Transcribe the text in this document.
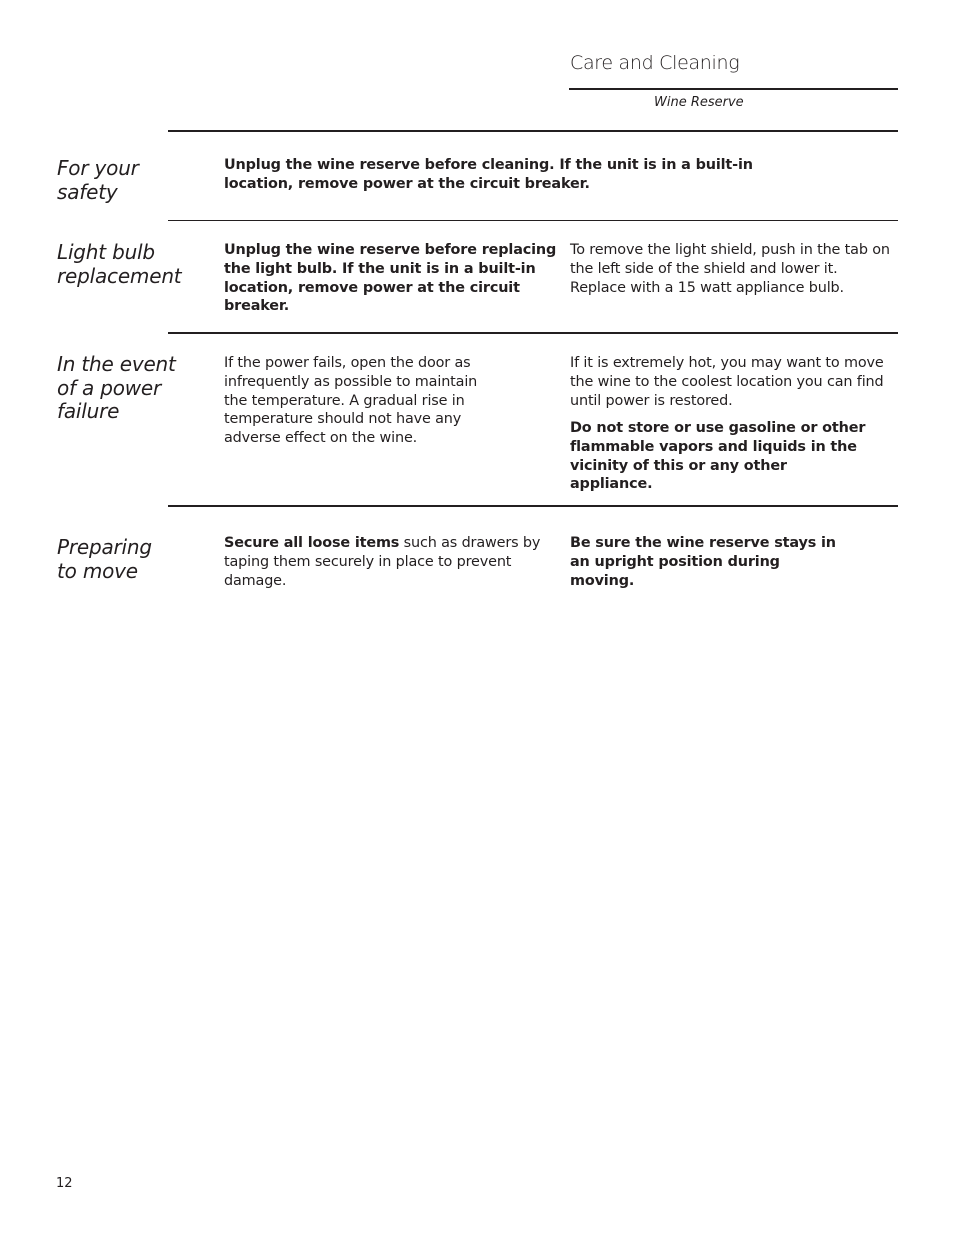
Care and Cleaning
Wine Reserve
For your safety
Unplug the wine reserve before cleaning. If the unit is in a built-in location, remove power at the circuit breaker.
Light bulb replacement
Unplug the wine reserve before replacing the light bulb. If the unit is in a built-in location, remove power at the circuit breaker.
To remove the light shield, push in the tab on the left side of the shield and lower it. Replace with a 15 watt appliance bulb.
In the event of a power failure
If the power fails, open the door as infrequently as possible to maintain the temperature. A gradual rise in temperature should not have any adverse effect on the wine.
If it is extremely hot, you may want to move the wine to the coolest location you can find until power is restored.
Do not store or use gasoline or other flammable vapors and liquids in the vicinity of this or any other appliance.
Preparing to move
Secure all loose items such as drawers by taping them securely in place to prevent damage.
Be sure the wine reserve stays in an upright position during moving.
12
